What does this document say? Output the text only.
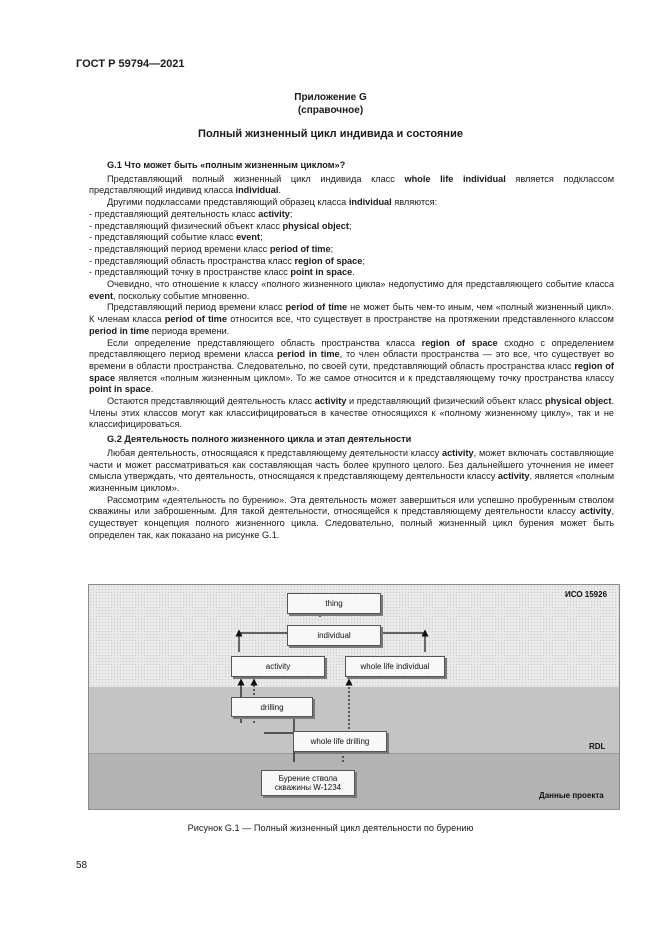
ГОСТ Р 59794—2021
Приложение G
(справочное)
Полный жизненный цикл индивида и состояние

G.1 Что может быть «полным жизненным циклом»?

Представляющий полный жизненный цикл индивида класс whole life individual является подклассом представляющий индивид класса individual.

Другими подклассами представляющий образец класса individual являются:

- представляющий деятельность класс activity;
- представляющий физический объект класс physical object;
- представляющий событие класс event;
- представляющий период времени класс period of time;
- представляющий область пространства класс region of space;
- представляющий точку в пространстве класс point in space.

Очевидно, что отношение к классу «полного жизненного цикла» недопустимо для представляющего событие класса event, поскольку событие мгновенно.

Представляющий период времени класс period of time не может быть чем-то иным, чем «полный жизненный цикл». К членам класса period of time относится все, что существует в пространстве на протяжении представленного классом period in time периода времени.

Если определение представляющего область пространства класса region of space сходно с определением представляющего период времени класса period in time, то член области пространства — это все, что существует во времени в области пространства. Следовательно, по своей сути, представляющий область пространства класс region of space является «полным жизненным циклом». То же самое относится и к представляющему точку пространства классу point in space.

Остаются представляющий деятельность класс activity и представляющий физический объект класс physical object. Члены этих классов могут как классифицироваться в качестве относящихся к «полному жизненному циклу», так и не классифицироваться.

G.2 Деятельность полного жизненного цикла и этап деятельности

Любая деятельность, относящаяся к представляющему деятельности классу activity, может включать составляющие части и может рассматриваться как составляющая часть более крупного целого. Без дальнейшего уточнения не имеет смысла утверждать, что деятельность, относящаяся к представляющему деятельности классу activity, является «полным жизненным циклом».

Рассмотрим «деятельность по бурению». Эта деятельность может завершиться или успешно пробуренным стволом скважины или заброшенным. Для такой деятельности, относящейся к представляющему деятельности классу activity, существует концепция полного жизненного цикла. Следовательно, полный жизненный цикл бурения может быть определен так, как показано на рисунке G.1.

thing
individual
activity	whole life individual
drilling
whole life drilling
Бурение ствола
скважины W-1234
ИСО 15926
RDL
Данные проекта
Рисунок G.1 — Полный жизненный цикл деятельности по бурению
58
